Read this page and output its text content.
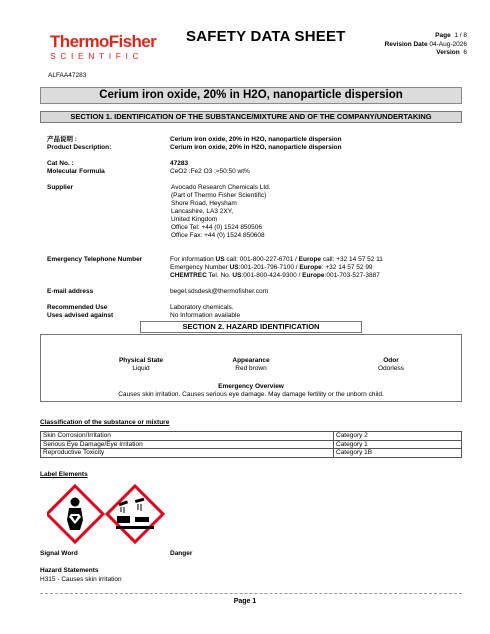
ThermoFisher
SCIENTIFIC
SAFETY DATA SHEET	Page 1 / 8
Revision Date 04-Aug-2026
Version 6
ALFAA47283
Cerium iron oxide, 20% in H2O, nanoparticle dispersion
SECTION 1. IDENTIFICATION OF THE SUBSTANCE/MIXTURE AND OF THE COMPANY/UNDERTAKING
产品说明 :	Cerium iron oxide, 20% in H2O, nanoparticle dispersion
Product Description:	Cerium iron oxide, 20% in H2O, nanoparticle dispersion
Cat No. :	47283
Molecular Formula	CeO2 :Fe2 O3 ;≈50:50 wt%
Supplier	Avocado Research Chemicals Ltd.
(Part of Thermo Fisher Scientific)
Shore Road, Heysham
Lancashire, LA3 2XY,
United Kingdom
Office Tel: +44 (0) 1524 850506
Office Fax: +44 (0) 1524 850608
Emergency Telephone Number	For information US call: 001-800-227-6701 / Europe call: +32 14 57 52 11
Emergency Number US:001-201-796-7100 / Europe: +32 14 57 52 99
CHEMTREC Tel. No. US:001-800-424-9300 / Europe:001-703-527-3887
E-mail address	begel.sdsdesk@thermofisher.com
Recommended Use	Laboratory chemicals.
Uses advised against	No Information available
SECTION 2. HAZARD IDENTIFICATION
Physical State
Liquid
Appearance
Red brown
Odor
Odorless
Emergency Overview
Causes skin irritation. Causes serious eye damage. May damage fertility or the unborn child.
Classification of the substance or mixture
Skin Corrosion/Irritation	Category 2
Serious Eye Damage/Eye Irritation	Category 1
Reproductive Toxicity	Category 1B
Label Elements
Signal Word	Danger
Hazard Statements
H315 - Causes skin irritation
Page 1
